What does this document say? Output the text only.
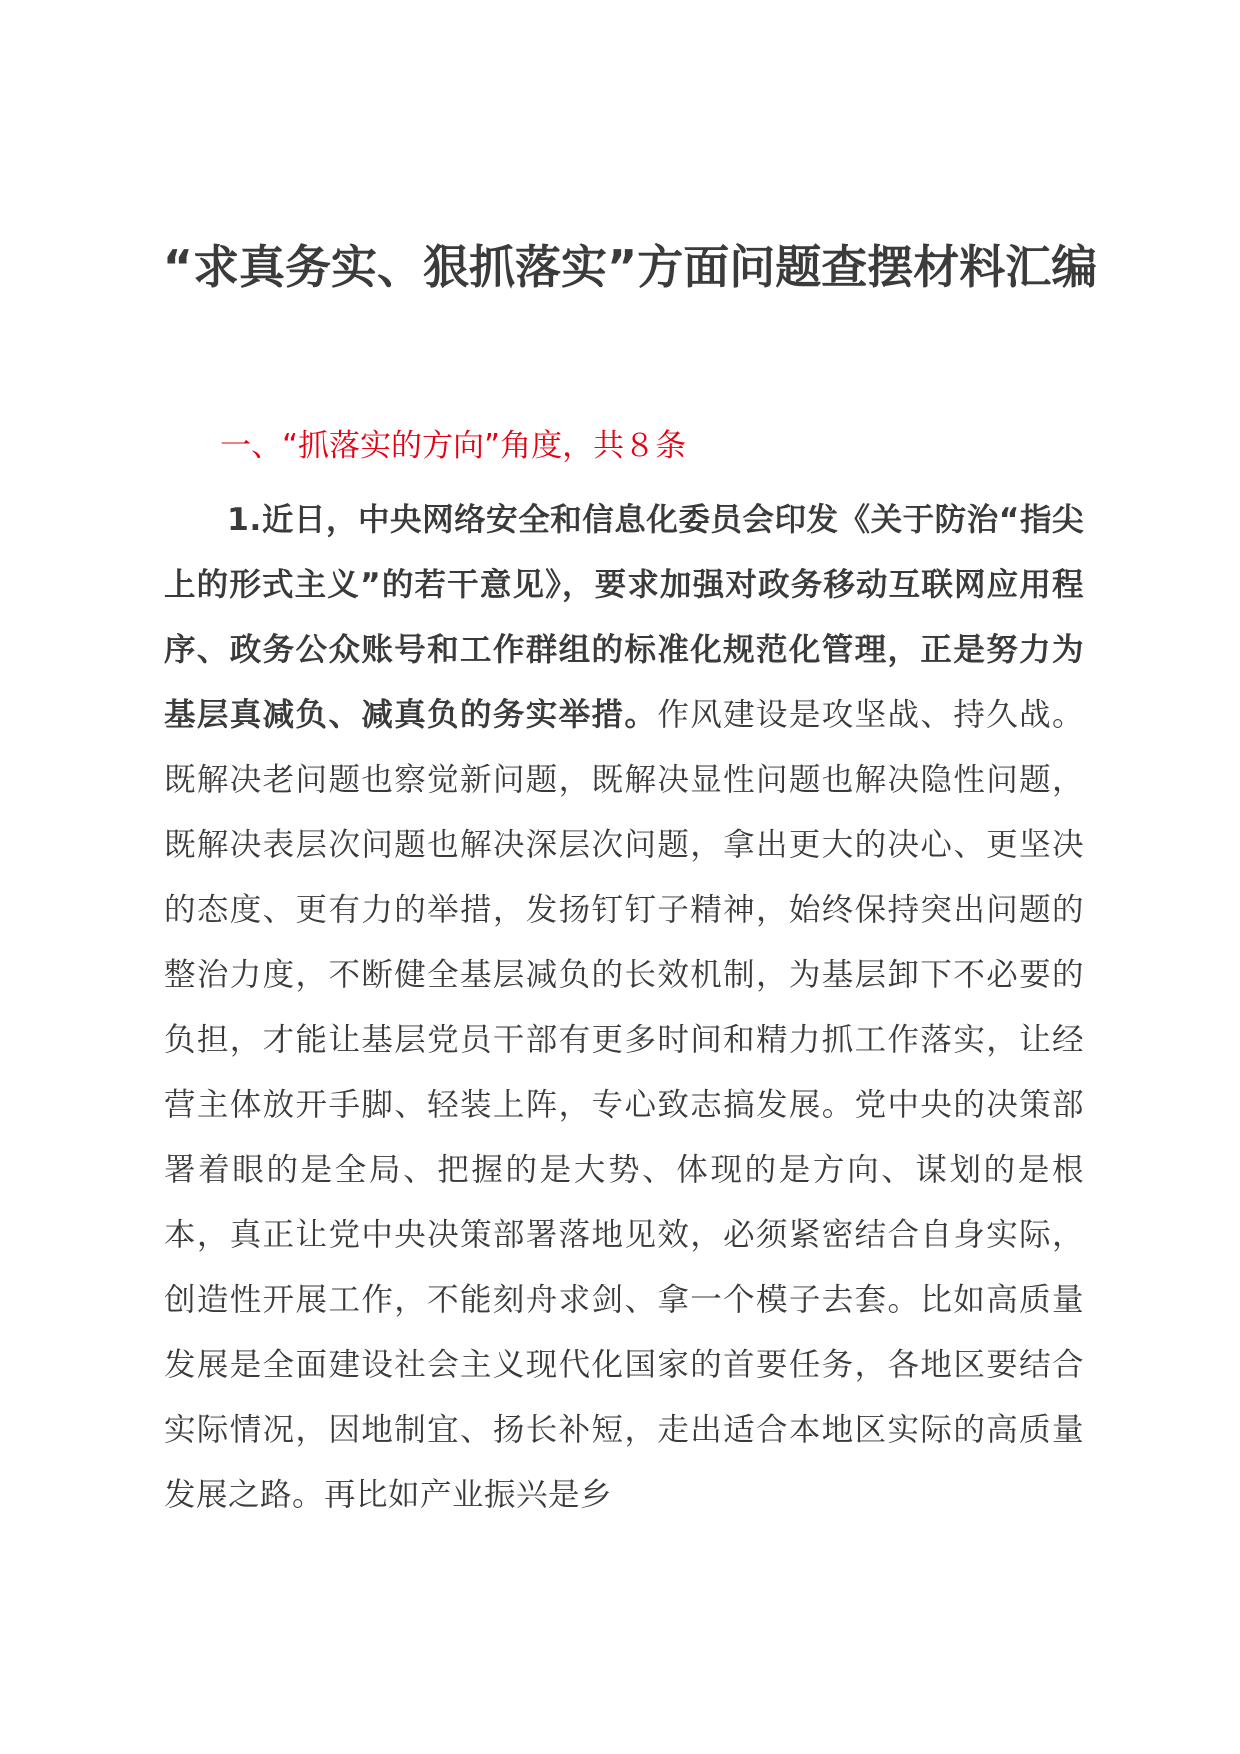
“求真务实、狠抓落实”方面问题查摆材料汇编
一、“抓落实的方向”角度，共８条
1.近日，中央网络安全和信息化委员会印发《关于防治“指尖上的形式主义”的若干意见》，要求加强对政务移动互联网应用程序、政务公众账号和工作群组的标准化规范化管理，正是努力为基层真减负、减真负的务实举措。作风建设是攻坚战、持久战。既解决老问题也察觉新问题，既解决显性问题也解决隐性问题，既解决表层次问题也解决深层次问题，拿出更大的决心、更坚决的态度、更有力的举措，发扬钉钉子精神，始终保持突出问题的整治力度，不断健全基层减负的长效机制，为基层卸下不必要的负担，才能让基层党员干部有更多时间和精力抓工作落实，让经营主体放开手脚、轻装上阵，专心致志搞发展。党中央的决策部署着眼的是全局、把握的是大势、体现的是方向、谋划的是根本，真正让党中央决策部署落地见效，必须紧密结合自身实际，创造性开展工作，不能刻舟求剑、拿一个模子去套。比如高质量发展是全面建设社会主义现代化国家的首要任务，各地区要结合实际情况，因地制宜、扬长补短，走出适合本地区实际的高质量发展之路。再比如产业振兴是乡
